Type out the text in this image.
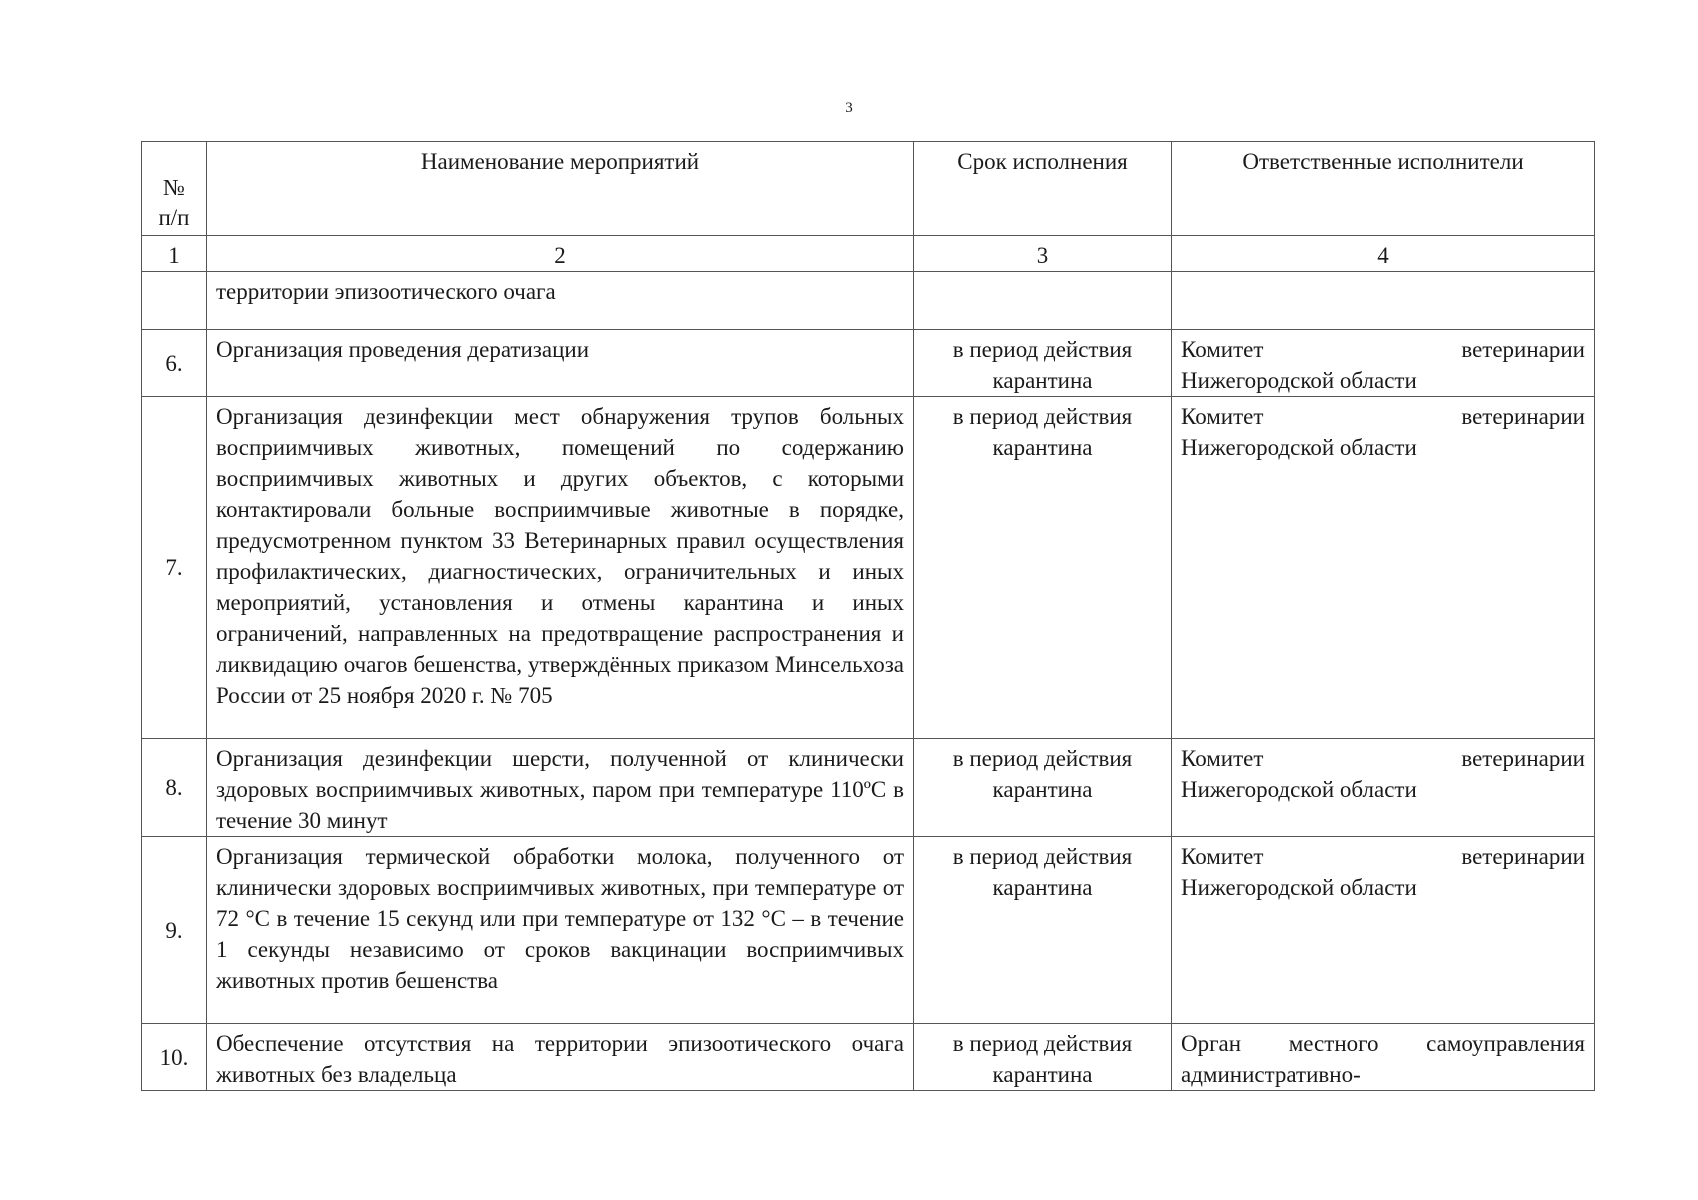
3
№
п/п	Наименование мероприятий	Срок исполнения	Ответственные исполнители
1	2	3	4
	территории эпизоотического очага		

6.	Организация проведения дератизации	в период действия карантина	Комитет ветеринарии
Нижегородской области
7.	Организация дезинфекции мест обнаружения трупов больных восприимчивых животных, помещений по содержанию восприимчивых животных и других объектов, с которыми контактировали больные восприимчивые животные в порядке, предусмотренном пунктом 33 Ветеринарных правил осуществления профилактических, диагностических, ограничительных и иных мероприятий, установления и отмены карантина и иных ограничений, направленных на предотвращение распространения и ликвидацию очагов бешенства, утверждённых приказом Минсельхоза России от 25 ноября 2020 г. № 705	в период действия карантина	Комитет ветеринарии
Нижегородской области
8.	Организация дезинфекции шерсти, полученной от клинически здоровых восприимчивых животных, паром при температуре 110ºС в течение 30 минут	в период действия карантина	Комитет ветеринарии
Нижегородской области
9.	Организация термической обработки молока, полученного от клинически здоровых восприимчивых животных, при температуре от 72 °С в течение 15 секунд или при температуре от 132 °С – в течение 1 секунды независимо от сроков вакцинации восприимчивых животных против бешенства	в период действия карантина	Комитет ветеринарии
Нижегородской области
10.	Обеспечение отсутствия на территории эпизоотического очага животных без владельца	в период действия карантина	Орган местного самоуправления
административно-
